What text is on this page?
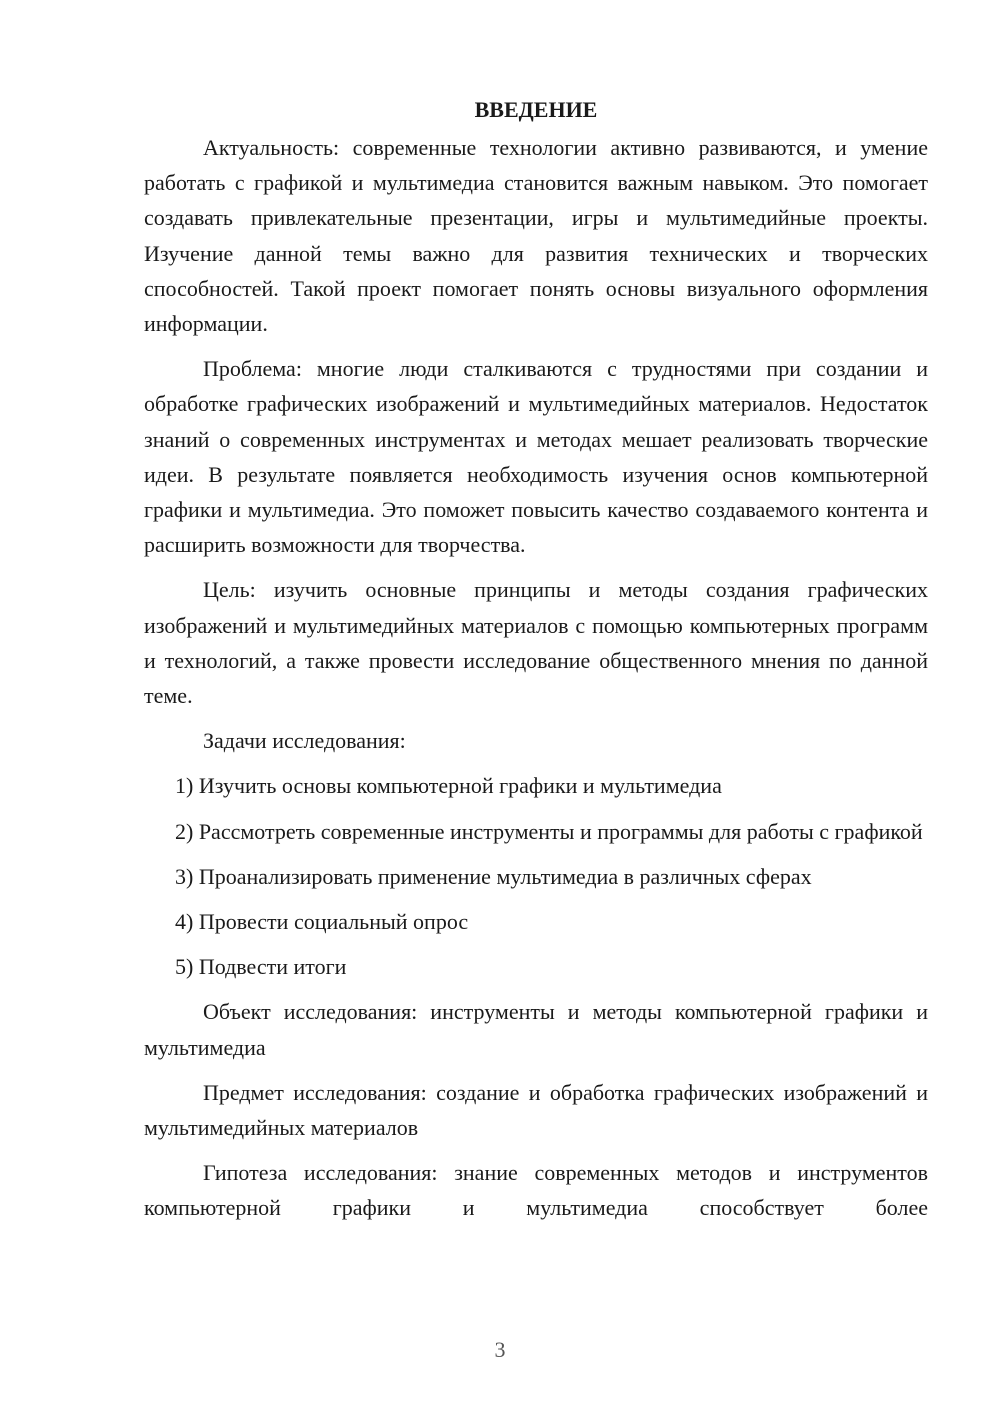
ВВЕДЕНИЕ

Актуальность: современные технологии активно развиваются, и умение работать с графикой и мультимедиа становится важным навыком. Это помогает создавать привлекательные презентации, игры и мультимедийные проекты. Изучение данной темы важно для развития технических и творческих способностей. Такой проект помогает понять основы визуального оформления информации.

Проблема: многие люди сталкиваются с трудностями при создании и обработке графических изображений и мультимедийных материалов. Недостаток знаний о современных инструментах и методах мешает реализовать творческие идеи. В результате появляется необходимость изучения основ компьютерной графики и мультимедиа. Это поможет повысить качество создаваемого контента и расширить возможности для творчества.

Цель: изучить основные принципы и методы создания графических изображений и мультимедийных материалов с помощью компьютерных программ и технологий, а также провести исследование общественного мнения по данной теме.

Задачи исследования:

1) Изучить основы компьютерной графики и мультимедиа

2) Рассмотреть современные инструменты и программы для работы с графикой

3) Проанализировать применение мультимедиа в различных сферах

4) Провести социальный опрос

5) Подвести итоги

Объект исследования: инструменты и методы компьютерной графики и мультимедиа

Предмет исследования: создание и обработка графических изображений и мультимедийных материалов

Гипотеза исследования: знание современных методов и инструментов компьютерной графики и мультимедиа способствует более

3
